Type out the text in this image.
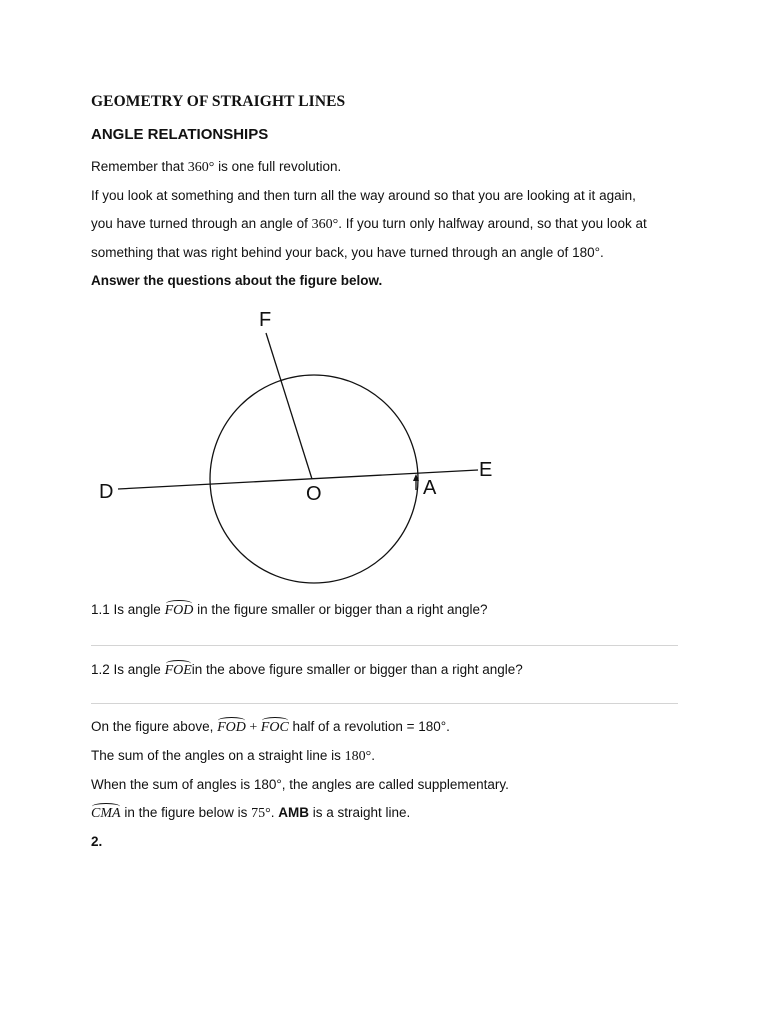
GEOMETRY OF STRAIGHT LINES
ANGLE RELATIONSHIPS
Remember that 360° is one full revolution.
If you look at something and then turn all the way around so that you are looking at it again,
you have turned through an angle of 360°. If you turn only halfway around, so that you look at
something that was right behind your back, you have turned through an angle of 180°.
Answer the questions about the figure below.
F
D	O
E
A
1.1 Is angle FOD in the figure smaller or bigger than a right angle?
1.2 Is angle FOEin the above figure smaller or bigger than a right angle?
On the figure above, FOD + FOC half of a revolution = 180°.
The sum of the angles on a straight line is 180°.
When the sum of angles is 180°, the angles are called supplementary.
CMA in the figure below is 75°. AMB is a straight line.
2.
